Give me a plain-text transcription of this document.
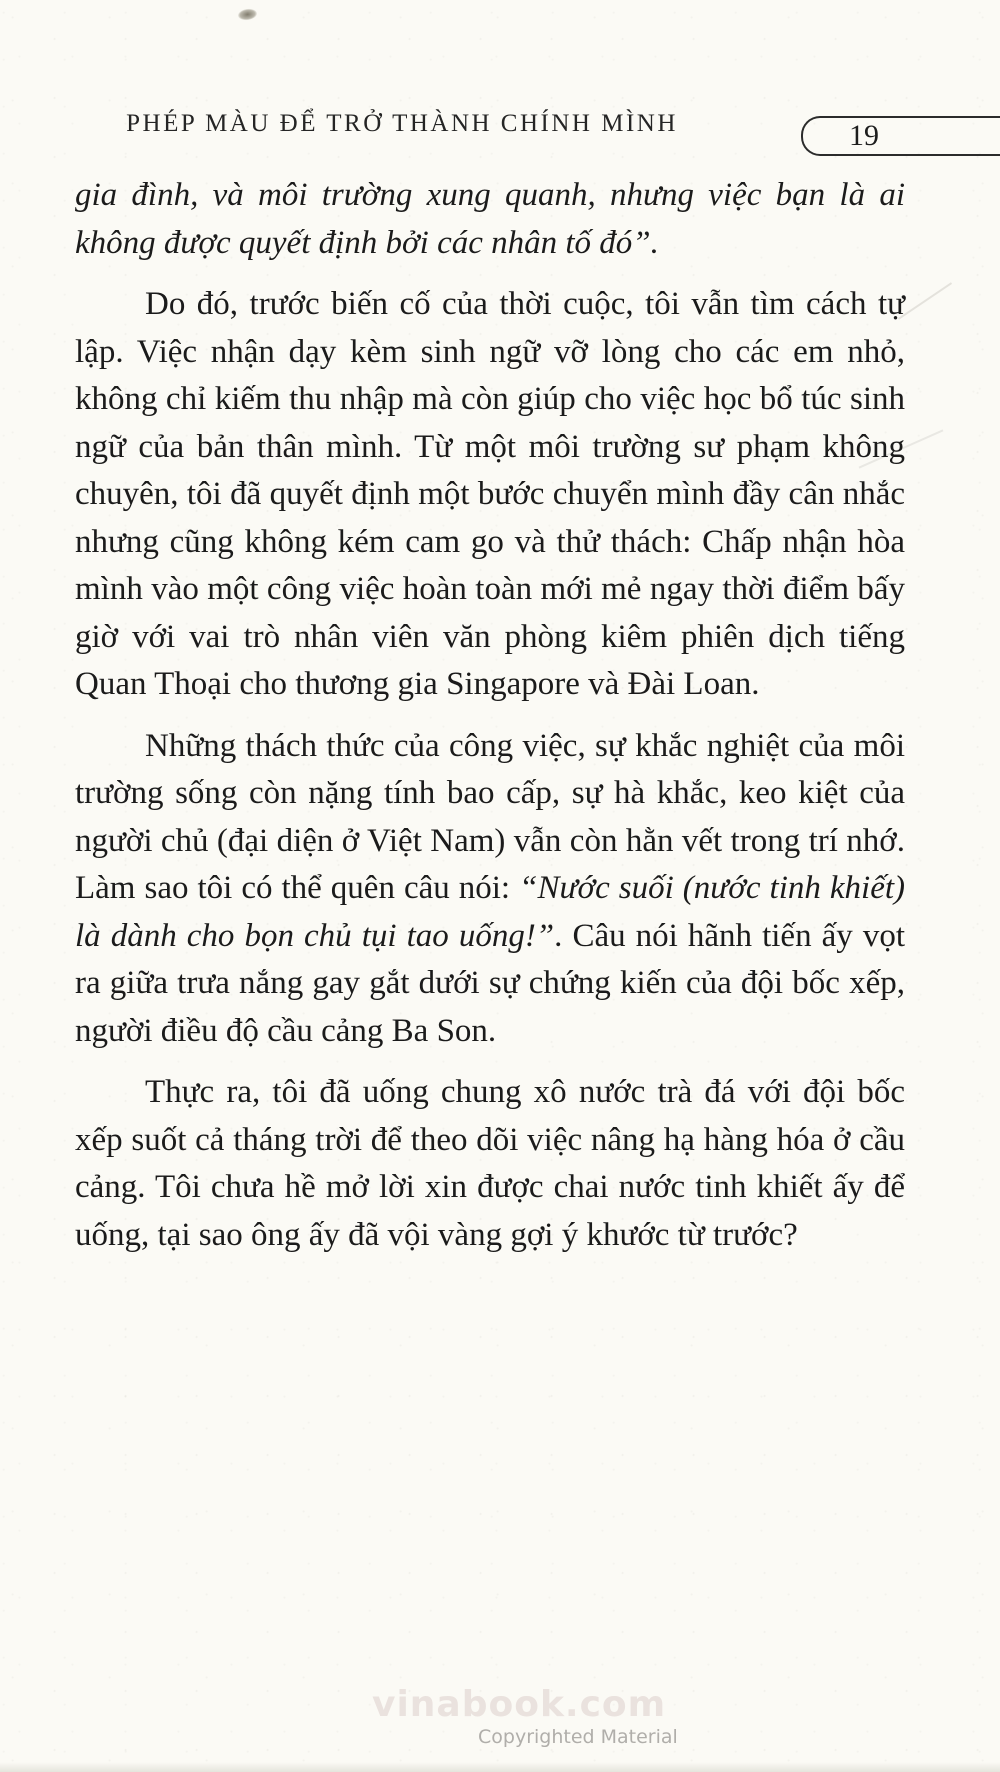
PHÉP MÀU ĐỂ TRỞ THÀNH CHÍNH MÌNH	19

gia đình, và môi trường xung quanh, nhưng việc bạn là ai không được quyết định bởi các nhân tố đó”.

Do đó, trước biến cố của thời cuộc, tôi vẫn tìm cách tự lập. Việc nhận dạy kèm sinh ngữ vỡ lòng cho các em nhỏ, không chỉ kiếm thu nhập mà còn giúp cho việc học bổ túc sinh ngữ của bản thân mình. Từ một môi trường sư phạm không chuyên, tôi đã quyết định một bước chuyển mình đầy cân nhắc nhưng cũng không kém cam go và thử thách: Chấp nhận hòa mình vào một công việc hoàn toàn mới mẻ ngay thời điểm bấy giờ với vai trò nhân viên văn phòng kiêm phiên dịch tiếng Quan Thoại cho thương gia Singapore và Đài Loan.

Những thách thức của công việc, sự khắc nghiệt của môi trường sống còn nặng tính bao cấp, sự hà khắc, keo kiệt của người chủ (đại diện ở Việt Nam) vẫn còn hằn vết trong trí nhớ. Làm sao tôi có thể quên câu nói: “Nước suối (nước tinh khiết) là dành cho bọn chủ tụi tao uống!”. Câu nói hãnh tiến ấy vọt ra giữa trưa nắng gay gắt dưới sự chứng kiến của đội bốc xếp, người điều độ cầu cảng Ba Son.

Thực ra, tôi đã uống chung xô nước trà đá với đội bốc xếp suốt cả tháng trời để theo dõi việc nâng hạ hàng hóa ở cầu cảng. Tôi chưa hề mở lời xin được chai nước tinh khiết ấy để uống, tại sao ông ấy đã vội vàng gợi ý khước từ trước?

vinabook.com
Copyrighted Material
